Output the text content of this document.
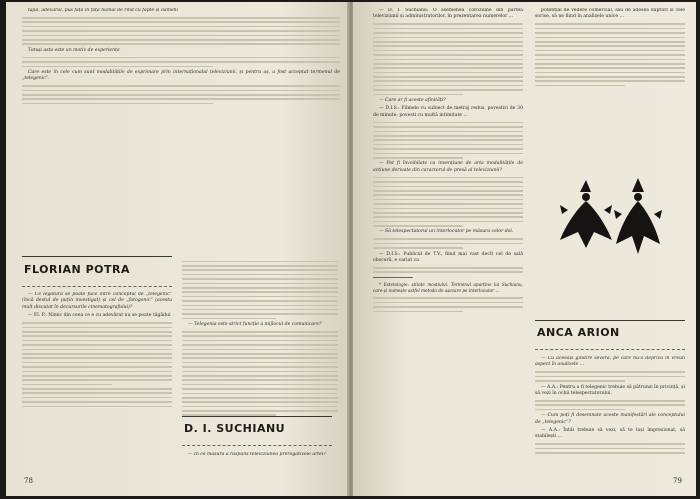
tajul, adevărul, pus față în față numai de rînd cu fapte și oameni

Totuși asta este un motiv de experiențe

Care este în cele cum sunt modalitățile de exprimare prin internaționalul televiziunii, și pentru aș, a fost acceptat termenul de „telegenic”.

FLORIAN POTRA

— Ce legătură se poate face între conceptul de „telegenic” (încă destul de puțin investigat) și cel de „fotogenic” (acesta mult discutat în decursurile cinematografului)?

— Fl. P.: Nimic din ceea ce e cu adevărat nu se poate tăgădui

— Telegenia este strict funcție a mijlocul de comunicare?

D. I. SUCHIANU

— În ce măsură a răspuns televiziunea prerogativele artei?

78

— D. I. Suchianu: O asemenea coroziune din partea televiziunii și administratorilor, în prezentarea numerelor ...

— Care ar fi aceste afinități?

— D.I.S.: Filmele cu subiect de metraj redus, povestiri de 30 de minute, povesti cu multă intimitate ...

— Pot fi învoibilate ca invențiune de arta modalitățile de acțiune derivate din caracterul de presă al televiziunii?

— Să telespectatorul un interlocutor pe măsura celor doi.

— D.I.S.: Publicul de T.V., fiind mai vast decît cel de sală obscură, e variat ca

* Estetologie: științe moștiului. Termenul aparține lui Suchianu, care-și numește astfel metoda de așezare pe interlocutor ...

potențial de vedere comercial, sau de adesea dăpturi și cele sorise, să ne fiind în analizele unice ...

ANCA ARION

— Cu aceeași gîndire severă, pe care nu-o depriva în vreun aspect în analizele ...

— A.A.: Pentru a fi telegenic trebuie să pătrunzi în privință, și să vezi în ochii telespectatorului.

— Cum poți fi desemnate aceste manifestări ale conceptului de „telegenic”?

— A.A.: Întâi trebuie să vezi, să te lași împresionat, să stabilești ...

79
